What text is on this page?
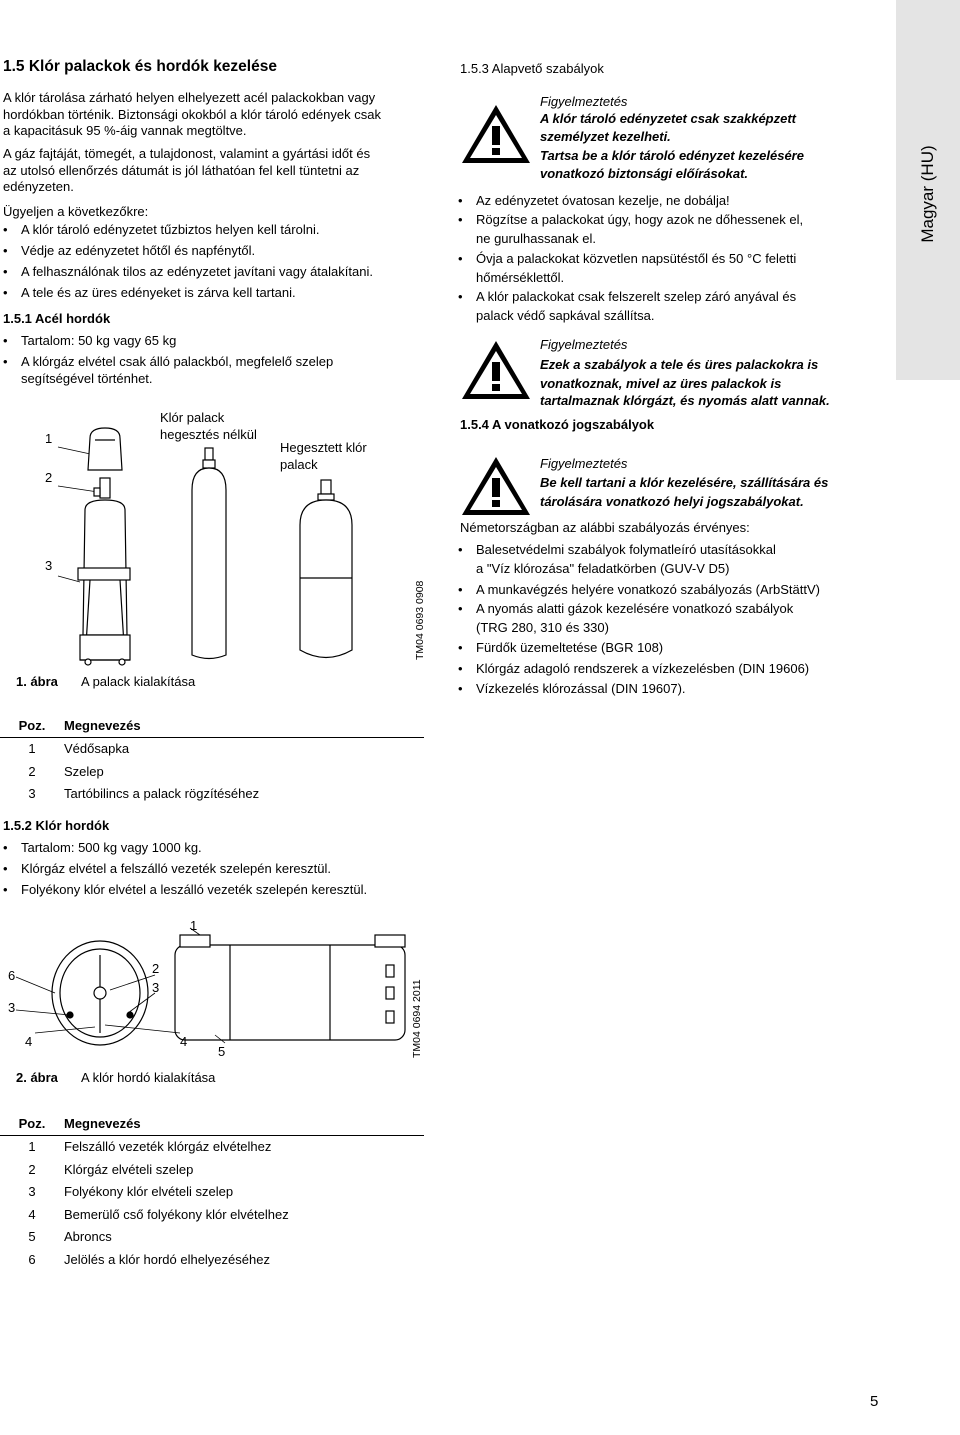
Magyar (HU)
1.5 Klór palackok és hordók kezelése
A klór tárolása zárható helyen elhelyezett acél palackokban vagy
hordókban történik. Biztonsági okokból a klór tároló edények csak
a kapacitásuk 95 %-áig vannak megtöltve.
A gáz fajtáját, tömegét, a tulajdonost, valamint a gyártási időt és
az utolsó ellenőrzés dátumát is jól láthatóan fel kell tüntetni az
edényzeten.
Ügyeljen a következőkre:
• A klór tároló edényzetet tűzbiztos helyen kell tárolni.
• Védje az edényzetet hőtől és napfénytől.
• A felhasználónak tilos az edényzetet javítani vagy átalakítani.
• A tele és az üres edényeket is zárva kell tartani.
1.5.1 Acél hordók
• Tartalom: 50 kg vagy 65 kg
• A klórgáz elvétel csak álló palackból, megfelelő szelep
segítségével történhet.
1
2
3
Klór palack
hegesztés nélkül
Hegesztett klór
palack
TM04 0693 0908
1. ábra A palack kialakítása
Poz.	Megnevezés
1	Védősapka
2	Szelep
3	Tartóbilincs a palack rögzítéséhez
1.5.2 Klór hordók
• Tartalom: 500 kg vagy 1000 kg.
• Klórgáz elvétel a felszálló vezeték szelepén keresztül.
• Folyékony klór elvétel a leszálló vezeték szelepén keresztül.
1
6
3
4
2
3
4
5	TM04 0694 2011
2. ábra A klór hordó kialakítása
Poz.	Megnevezés
1	Felszálló vezeték klórgáz elvételhez
2	Klórgáz elvételi szelep
3	Folyékony klór elvételi szelep
4	Bemerülő cső folyékony klór elvételhez
5	Abroncs
6	Jelölés a klór hordó elhelyezéséhez
1.5.3 Alapvető szabályok
Figyelmeztetés
A klór tároló edényzetet csak szakképzett
személyzet kezelheti.
Tartsa be a klór tároló edényzet kezelésére
vonatkozó biztonsági előírásokat.
• Az edényzetet óvatosan kezelje, ne dobálja!
• Rögzítse a palackokat úgy, hogy azok ne dőhessenek el,
ne gurulhassanak el.
• Óvja a palackokat közvetlen napsütéstől és 50 °C feletti
hőmérséklettől.
• A klór palackokat csak felszerelt szelep záró anyával és
palack védő sapkával szállítsa.
Figyelmeztetés
Ezek a szabályok a tele és üres palackokra is
vonatkoznak, mivel az üres palackok is
tartalmaznak klórgázt, és nyomás alatt vannak.
1.5.4 A vonatkozó jogszabályok
Figyelmeztetés
Be kell tartani a klór kezelésére, szállítására és
tárolására vonatkozó helyi jogszabályokat.
Németországban az alábbi szabályozás érvényes:
• Balesetvédelmi szabályok folymatleíró utasításokkal
a "Víz klórozása" feladatkörben (GUV-V D5)
• A munkavégzés helyére vonatkozó szabályozás (ArbStättV)
• A nyomás alatti gázok kezelésére vonatkozó szabályok
(TRG 280, 310 és 330)
• Fürdők üzemeltetése (BGR 108)
• Klórgáz adagoló rendszerek a vízkezelésben (DIN 19606)
• Vízkezelés klórozással (DIN 19607).
5
